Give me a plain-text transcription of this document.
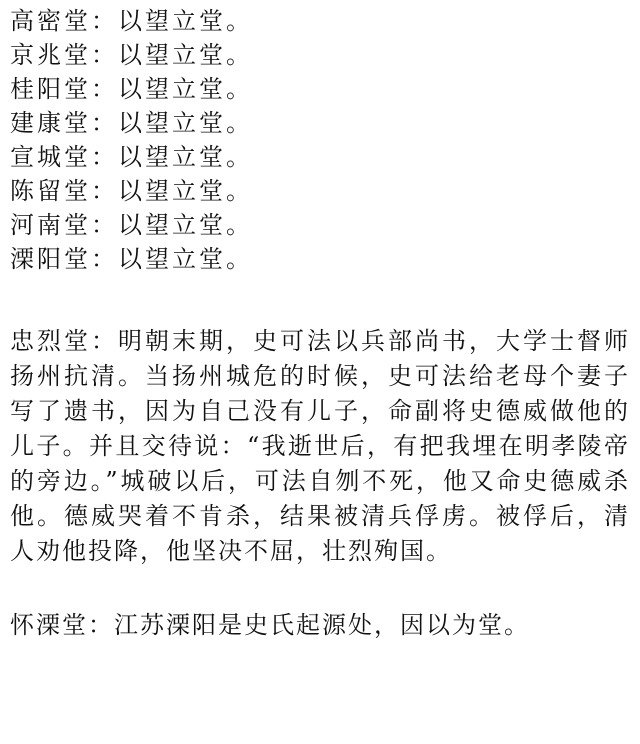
高密堂：以望立堂。
京兆堂：以望立堂。
桂阳堂：以望立堂。
建康堂：以望立堂。
宣城堂：以望立堂。
陈留堂：以望立堂。
河南堂：以望立堂。
溧阳堂：以望立堂。

忠烈堂：明朝末期，史可法以兵部尚书，大学士督师扬州抗清。当扬州城危的时候，史可法给老母个妻子写了遗书，因为自己没有儿子，命副将史德威做他的儿子。并且交待说：“我逝世后，有把我埋在明孝陵帝的旁边。”城破以后，可法自刎不死，他又命史德威杀他。德威哭着不肯杀，结果被清兵俘虏。被俘后，清人劝他投降，他坚决不屈，壮烈殉国。

怀溧堂：江苏溧阳是史氏起源处，因以为堂。
